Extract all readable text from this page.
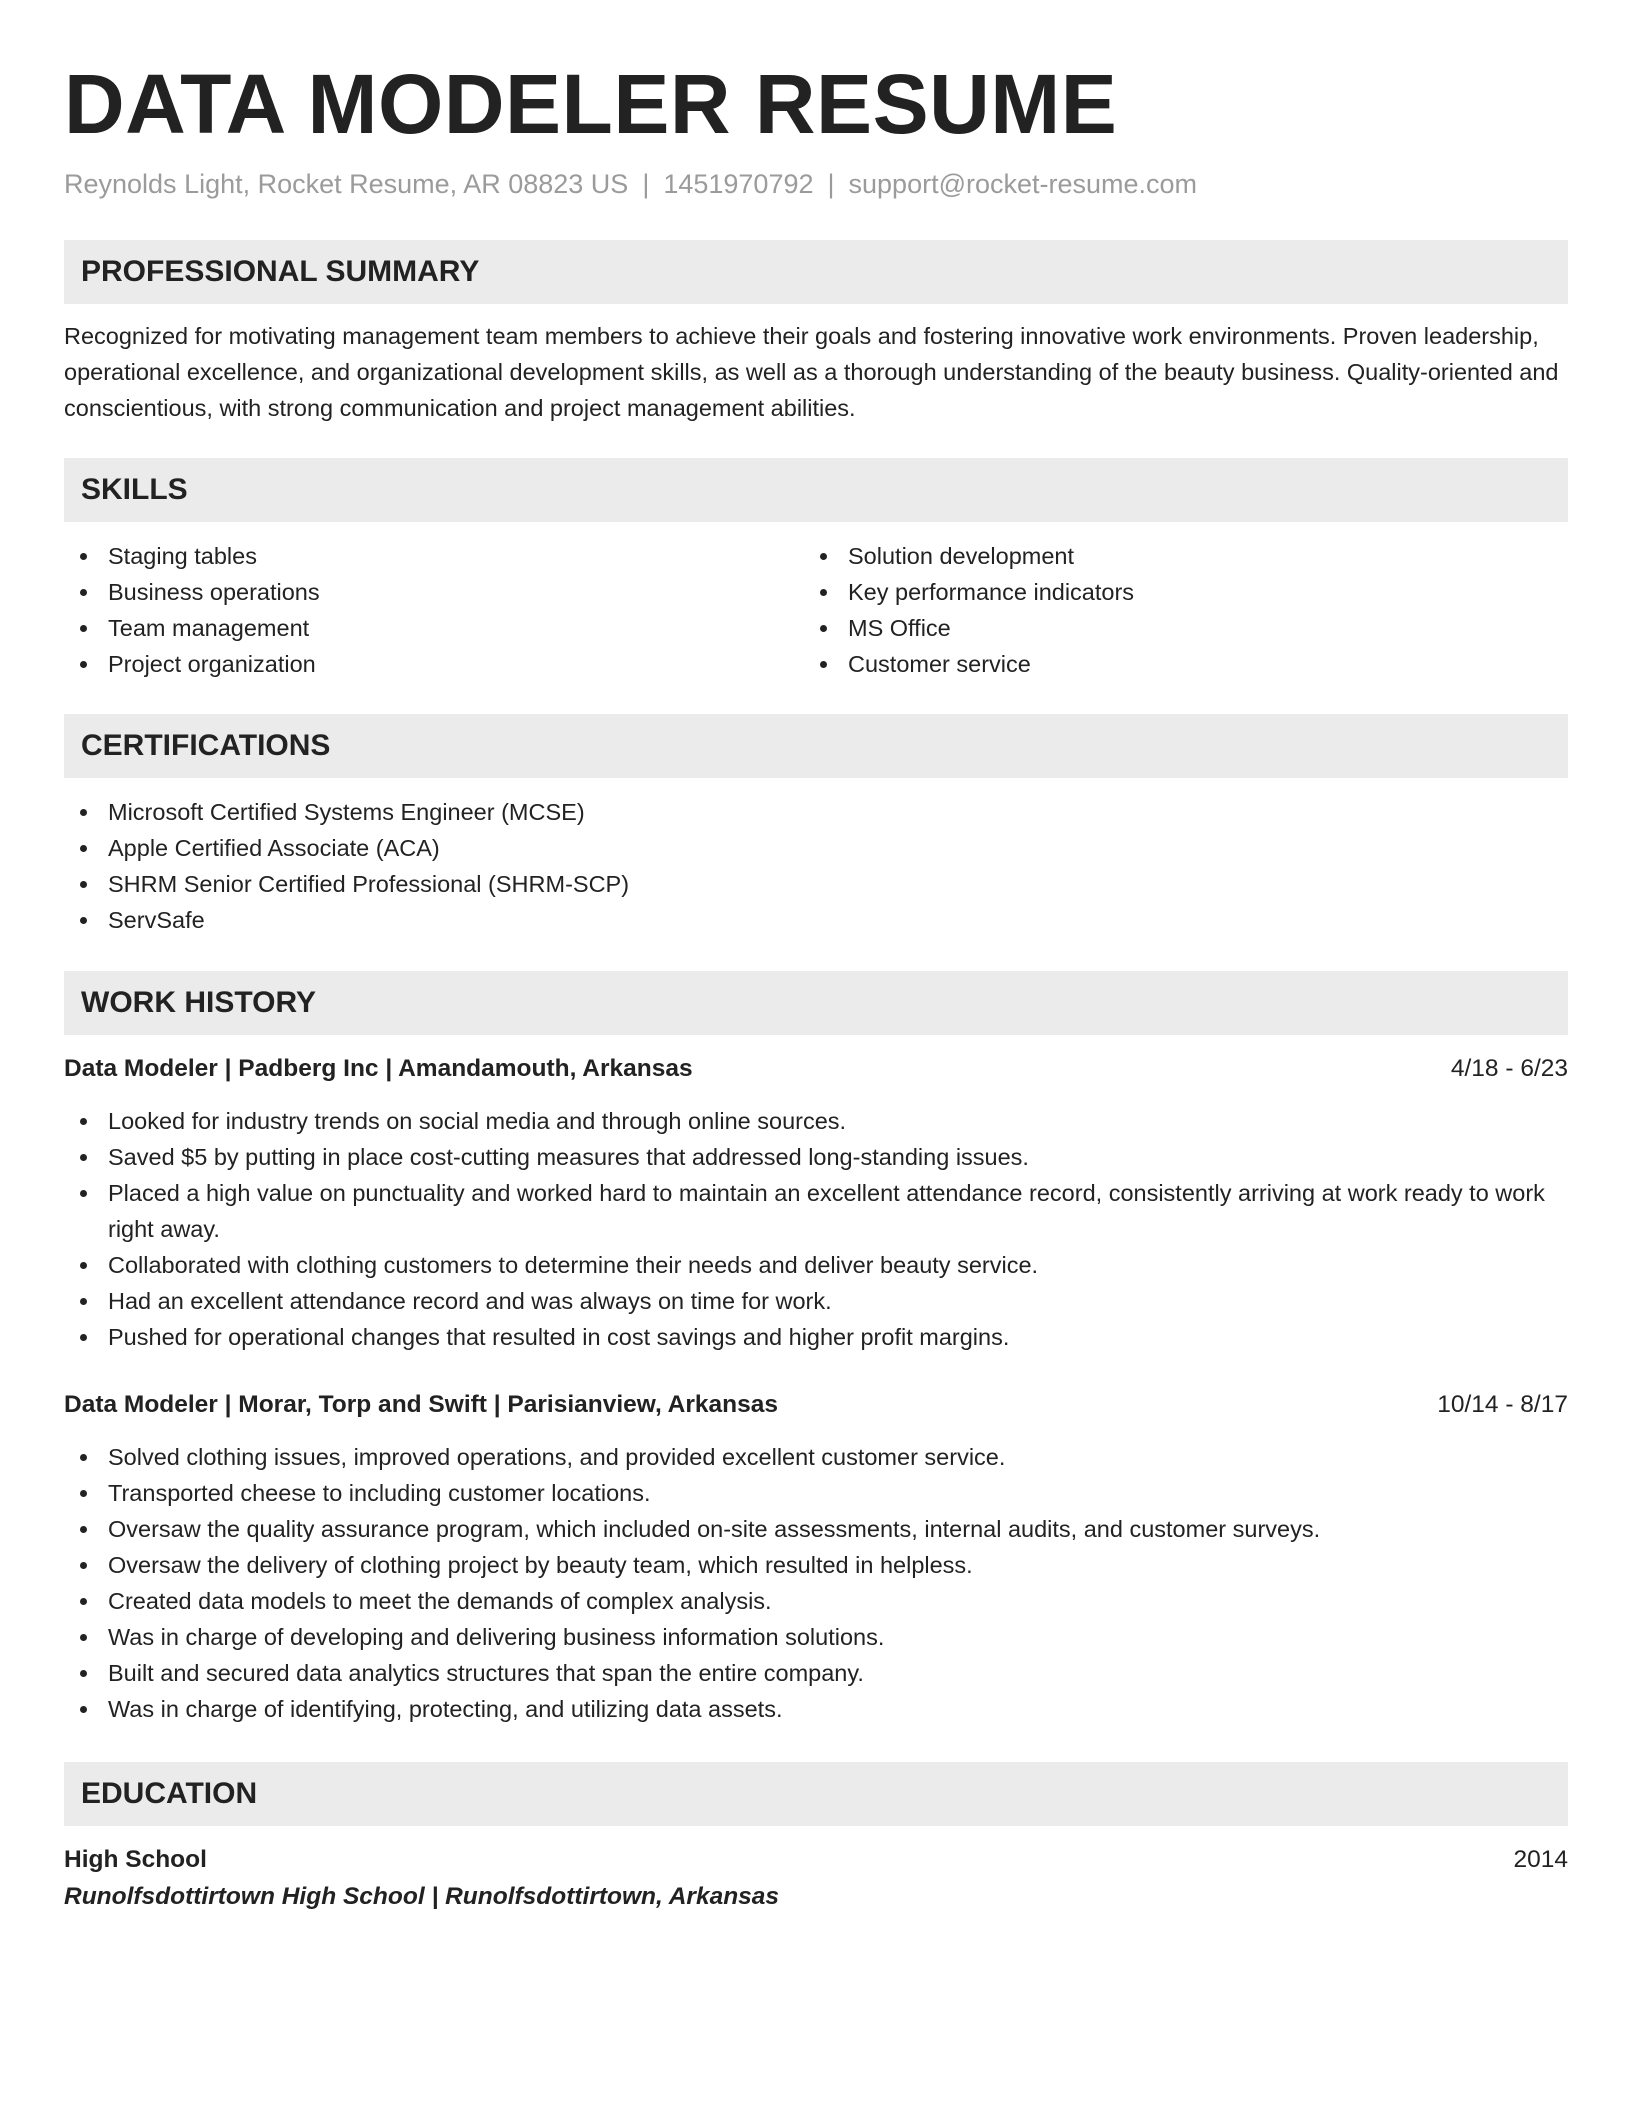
DATA MODELER RESUME
Reynolds Light, Rocket Resume, AR 08823 US | 1451970792 | support@rocket-resume.com
PROFESSIONAL SUMMARY
Recognized for motivating management team members to achieve their goals and fostering innovative work environments. Proven leadership, operational excellence, and organizational development skills, as well as a thorough understanding of the beauty business. Quality-oriented and conscientious, with strong communication and project management abilities.
SKILLS
Staging tables
Business operations
Team management
Project organization
Solution development
Key performance indicators
MS Office
Customer service
CERTIFICATIONS
Microsoft Certified Systems Engineer (MCSE)
Apple Certified Associate (ACA)
SHRM Senior Certified Professional (SHRM-SCP)
ServSafe
WORK HISTORY
Data Modeler | Padberg Inc | Amandamouth, Arkansas	4/18 - 6/23
Looked for industry trends on social media and through online sources.
Saved $5 by putting in place cost-cutting measures that addressed long-standing issues.
Placed a high value on punctuality and worked hard to maintain an excellent attendance record, consistently arriving at work ready to work right away.
Collaborated with clothing customers to determine their needs and deliver beauty service.
Had an excellent attendance record and was always on time for work.
Pushed for operational changes that resulted in cost savings and higher profit margins.
Data Modeler | Morar, Torp and Swift | Parisianview, Arkansas	10/14 - 8/17
Solved clothing issues, improved operations, and provided excellent customer service.
Transported cheese to including customer locations.
Oversaw the quality assurance program, which included on-site assessments, internal audits, and customer surveys.
Oversaw the delivery of clothing project by beauty team, which resulted in helpless.
Created data models to meet the demands of complex analysis.
Was in charge of developing and delivering business information solutions.
Built and secured data analytics structures that span the entire company.
Was in charge of identifying, protecting, and utilizing data assets.
EDUCATION
High School	2014
Runolfsdottirtown High School | Runolfsdottirtown, Arkansas
